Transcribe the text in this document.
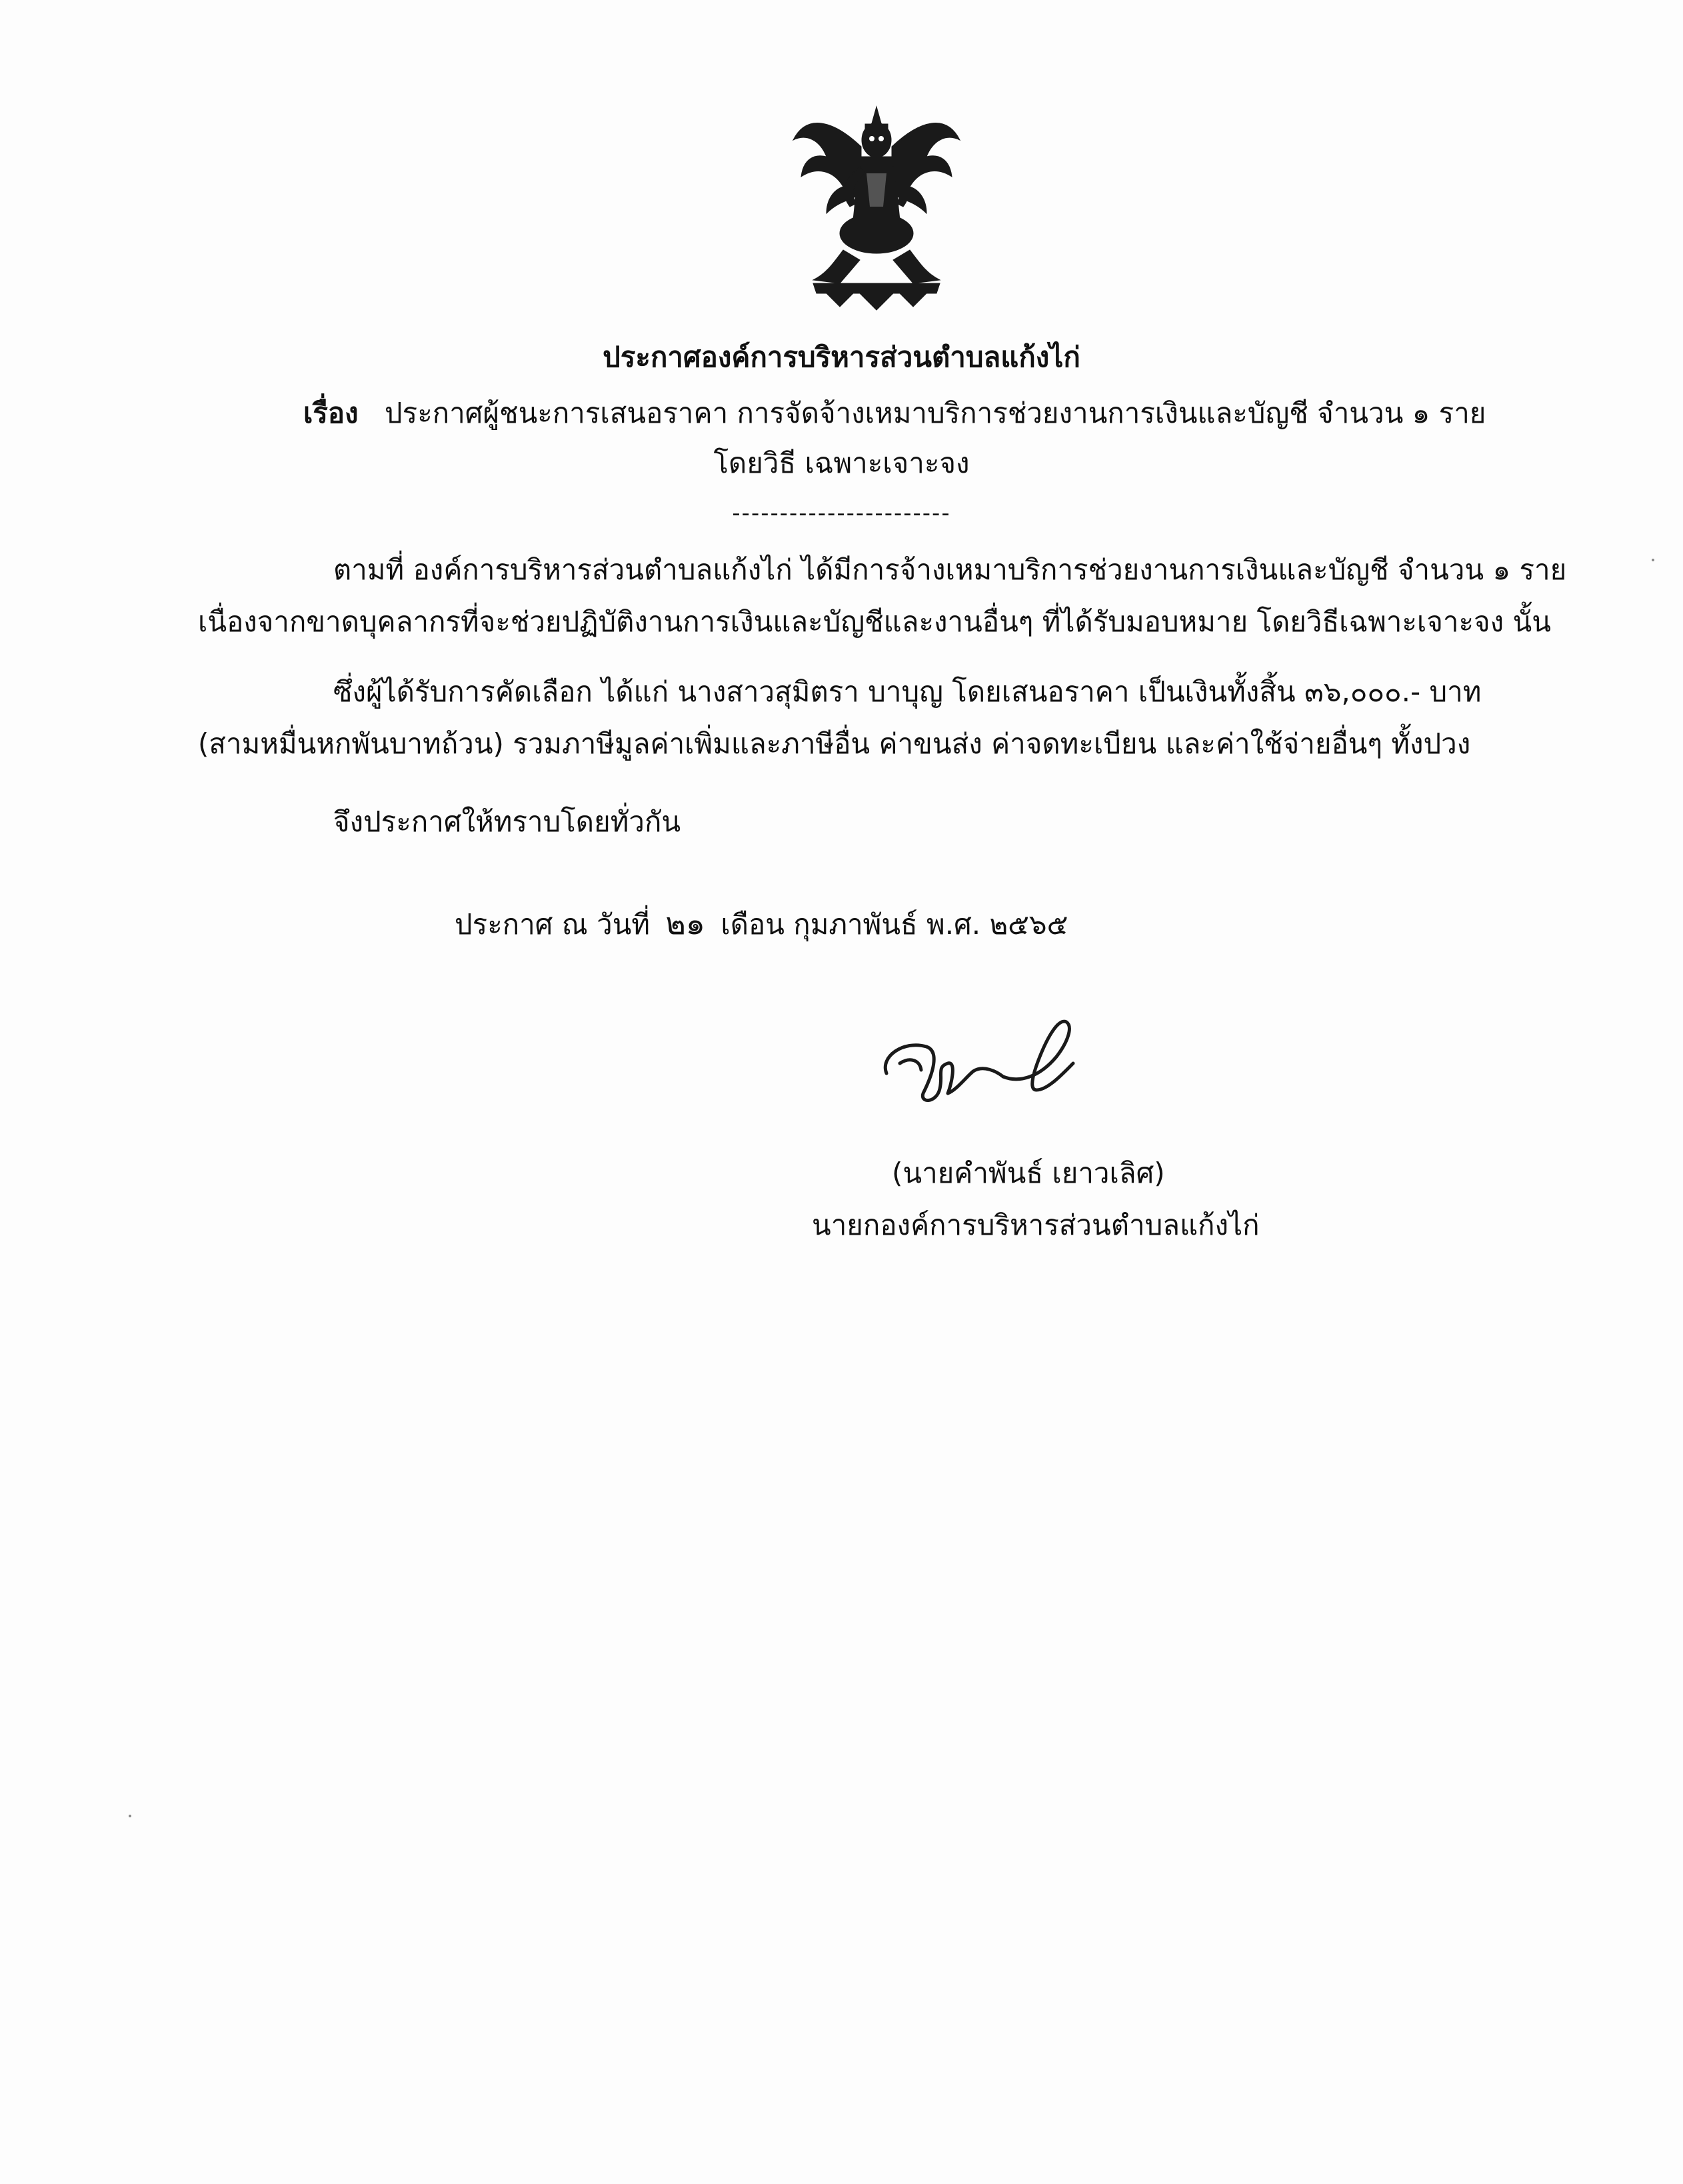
ประกาศองค์การบริหารส่วนตำบลแก้งไก่
เรื่อง ประกาศผู้ชนะการเสนอราคา การจัดจ้างเหมาบริการช่วยงานการเงินและบัญชี จำนวน ๑ ราย
โดยวิธี เฉพาะเจาะจง
-----------------------
ตามที่ องค์การบริหารส่วนตำบลแก้งไก่ ได้มีการจ้างเหมาบริการช่วยงานการเงินและบัญชี จำนวน ๑ ราย
เนื่องจากขาดบุคลากรที่จะช่วยปฏิบัติงานการเงินและบัญชีและงานอื่นๆ ที่ได้รับมอบหมาย โดยวิธีเฉพาะเจาะจง นั้น
ซึ่งผู้ได้รับการคัดเลือก ได้แก่ นางสาวสุมิตรา บาบุญ โดยเสนอราคา เป็นเงินทั้งสิ้น ๓๖,๐๐๐.- บาท
(สามหมื่นหกพันบาทถ้วน) รวมภาษีมูลค่าเพิ่มและภาษีอื่น ค่าขนส่ง ค่าจดทะเบียน และค่าใช้จ่ายอื่นๆ ทั้งปวง
จึงประกาศให้ทราบโดยทั่วกัน
ประกาศ ณ วันที่ ๒๑ เดือน กุมภาพันธ์ พ.ศ. ๒๕๖๕
(นายคำพันธ์ เยาวเลิศ)
นายกองค์การบริหารส่วนตำบลแก้งไก่
